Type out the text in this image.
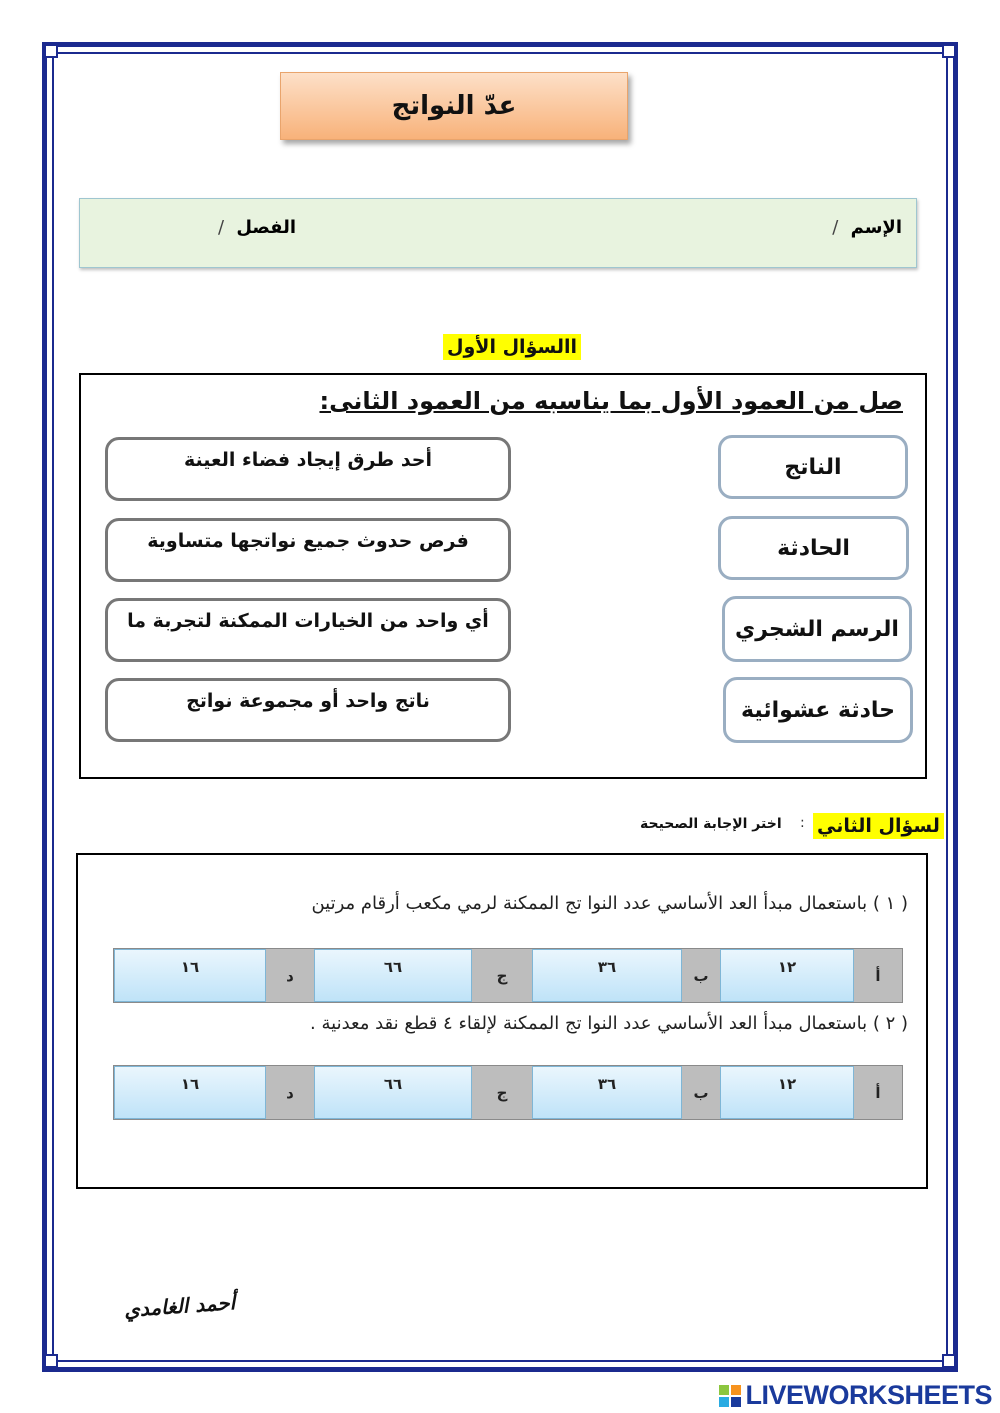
عدّ النواتج
الإسم /
الفصل /
االسؤال الأول
صل من العمود الأول بما يناسبه من العمود الثانى:
أحد طرق إيجاد فضاء العينة
فرص حدوث جميع نواتجها متساوية
أي واحد من الخيارات الممكنة لتجربة ما
ناتج واحد أو مجموعة نواتج
الناتج
الحادثة
الرسم الشجري
حادثة عشوائية
لسؤال الثاني
:
اختر الإجابة الصحيحة
( ١ ) باستعمال مبدأ العد الأساسي عدد النوا تج الممكنة لرمي مكعب أرقام مرتين
١٦	د	٦٦	ج	٣٦	ب	١٢	أ
( ٢ ) باستعمال مبدأ العد الأساسي عدد النوا تج الممكنة لإلقاء ٤ قطع نقد معدنية .
١٦	د	٦٦	ج	٣٦	ب	١٢	أ
أحمد الغامدي
LIVEWORKSHEETS
